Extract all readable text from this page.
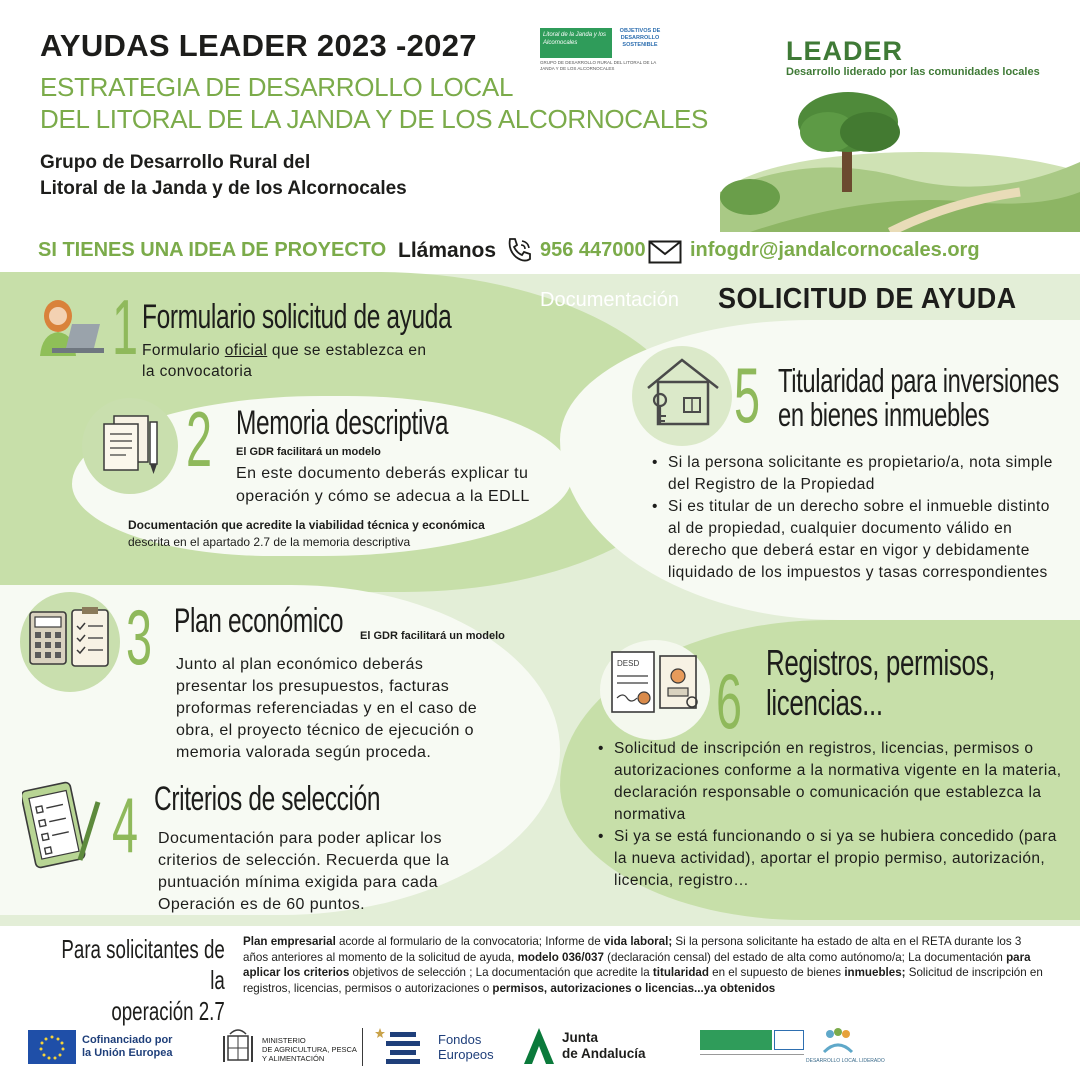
AYUDAS LEADER 2023 -2027
ESTRATEGIA DE DESARROLLO LOCAL
DEL LITORAL DE LA JANDA Y DE LOS ALCORNOCALES
Grupo de Desarrollo Rural del
Litoral de la Janda y de los Alcornocales
Litoral de la Janda y los Alcornocales
OBJETIVOS DE DESARROLLO SOSTENIBLE
GRUPO DE DESARROLLO RURAL DEL LITORAL DE LA JANDA Y DE LOS ALCORNOCALES
LEADER
Desarrollo liderado por las comunidades locales
SI TIENES UNA IDEA DE PROYECTO Llámanos 956 447000 infogdr@jandalcornocales.org
Documentación SOLICITUD DE AYUDA
1 Formulario solicitud de ayuda
Formulario oficial que se establezca en
la convocatoria
2 Memoria descriptiva
El GDR facilitará un modelo
En este documento deberás explicar tu
operación y cómo se adecua a la EDLL
Documentación que acredite la viabilidad técnica y económica
descrita en el apartado 2.7 de la memoria descriptiva
5 Titularidad para inversiones
en bienes inmuebles
• Si la persona solicitante es propietario/a, nota simple del Registro de la Propiedad
• Si es titular de un derecho sobre el inmueble distinto al de propiedad, cualquier documento válido en derecho que deberá estar en vigor y debidamente liquidado de los impuestos y tasas correspondientes
3 Plan económico El GDR facilitará un modelo
Junto al plan económico deberás
presentar los presupuestos, facturas
proformas referenciadas y en el caso de
obra, el proyecto técnico de ejecución o
memoria valorada según proceda.
DESD 6 Registros, permisos,
licencias...
• Solicitud de inscripción en registros, licencias, permisos o autorizaciones conforme a la normativa vigente en la materia, declaración responsable o comunicación que establezca la normativa
• Si ya se está funcionando o si ya se hubiera concedido (para la nueva actividad), aportar el propio permiso, autorización, licencia, registro…
4 Criterios de selección
Documentación para poder aplicar los
criterios de selección. Recuerda que la
puntuación mínima exigida para cada
Operación es de 60 puntos.
Para solicitantes de la
operación 2.7
Plan empresarial acorde al formulario de la convocatoria; Informe de vida laboral; Si la persona solicitante ha estado de alta en el RETA durante los 3 años anteriores al momento de la solicitud de ayuda, modelo 036/037 (declaración censal) del estado de alta como autónomo/a; La documentación para aplicar los criterios objetivos de selección ; La documentación que acredite la titularidad en el supuesto de bienes inmuebles; Solicitud de inscripción en registros, licencias, permisos o autorizaciones o permisos, autorizaciones o licencias...ya obtenidos
Cofinanciado por
la Unión Europea
MINISTERIO
DE AGRICULTURA, PESCA
Y ALIMENTACIÓN
Fondos
Europeos
Junta
de Andalucía	DESARROLLO LOCAL LIDERADO
